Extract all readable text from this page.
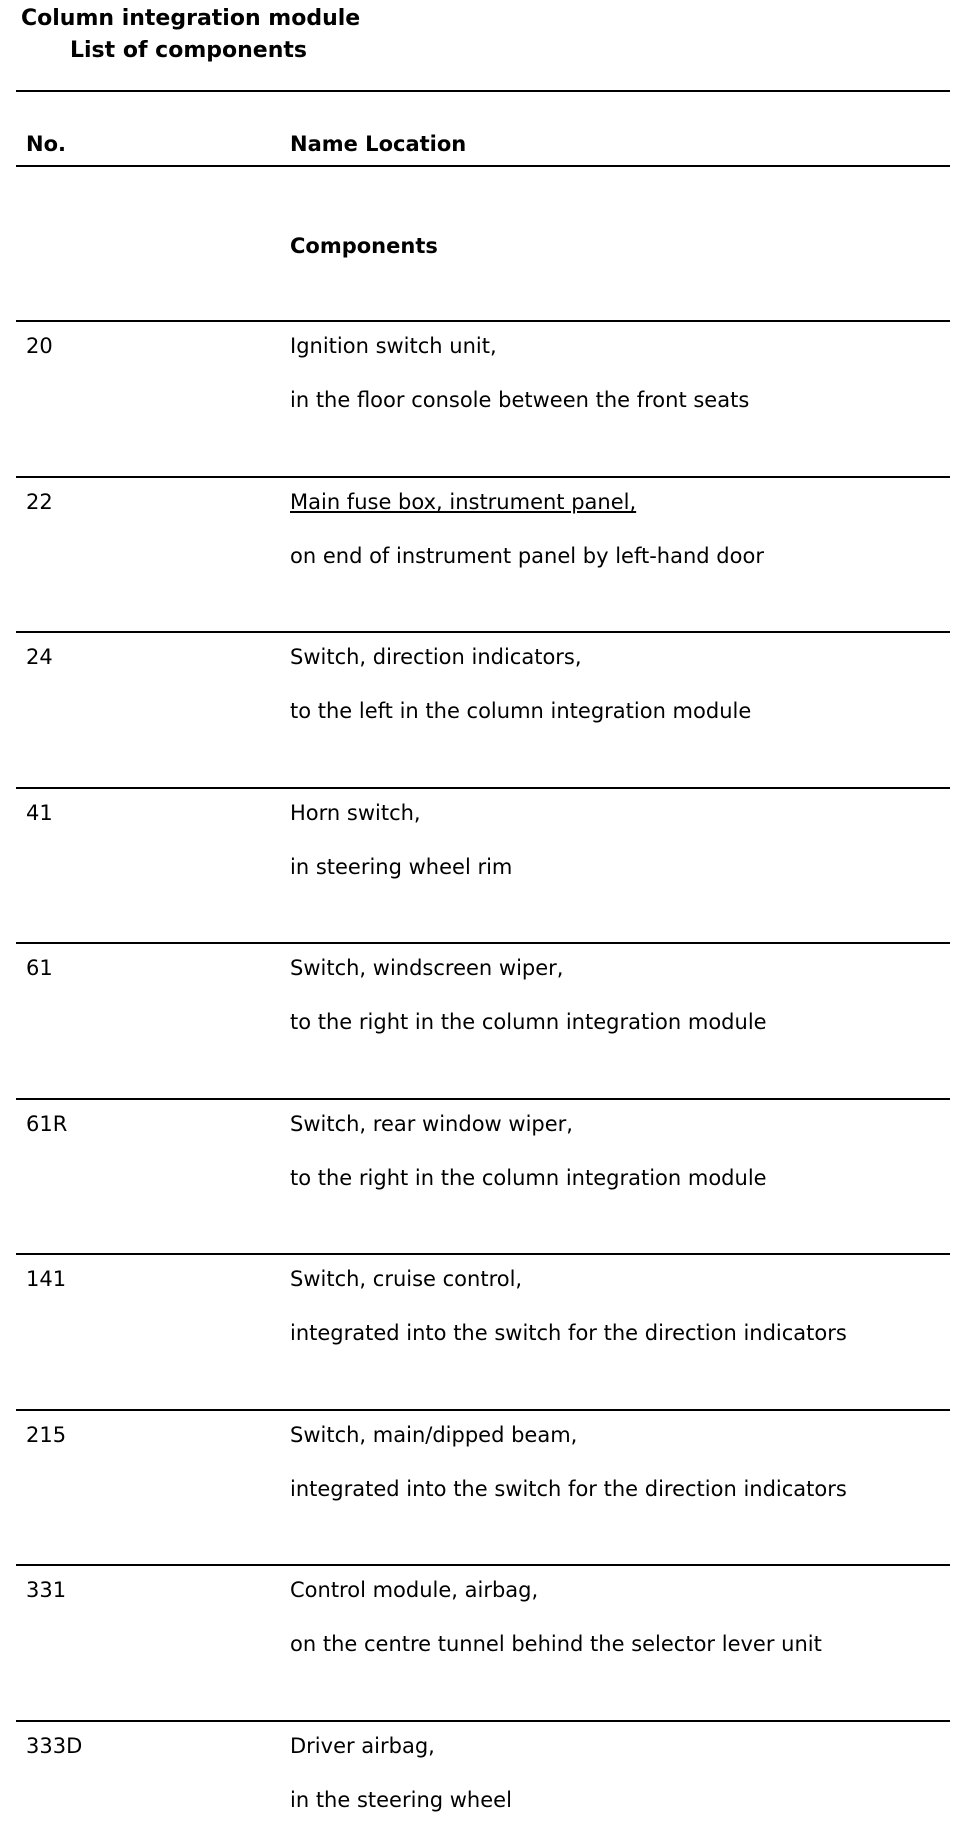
Column integration module
List of components
No.	Name Location
Components
20	Ignition switch unit,
in the floor console between the front seats
22	Main fuse box, instrument panel,
on end of instrument panel by left-hand door
24	Switch, direction indicators,
to the left in the column integration module
41	Horn switch,
in steering wheel rim
61	Switch, windscreen wiper,
to the right in the column integration module
61R	Switch, rear window wiper,
to the right in the column integration module
141	Switch, cruise control,
integrated into the switch for the direction indicators
215	Switch, main/dipped beam,
integrated into the switch for the direction indicators
331	Control module, airbag,
on the centre tunnel behind the selector lever unit
333D	Driver airbag,
in the steering wheel
